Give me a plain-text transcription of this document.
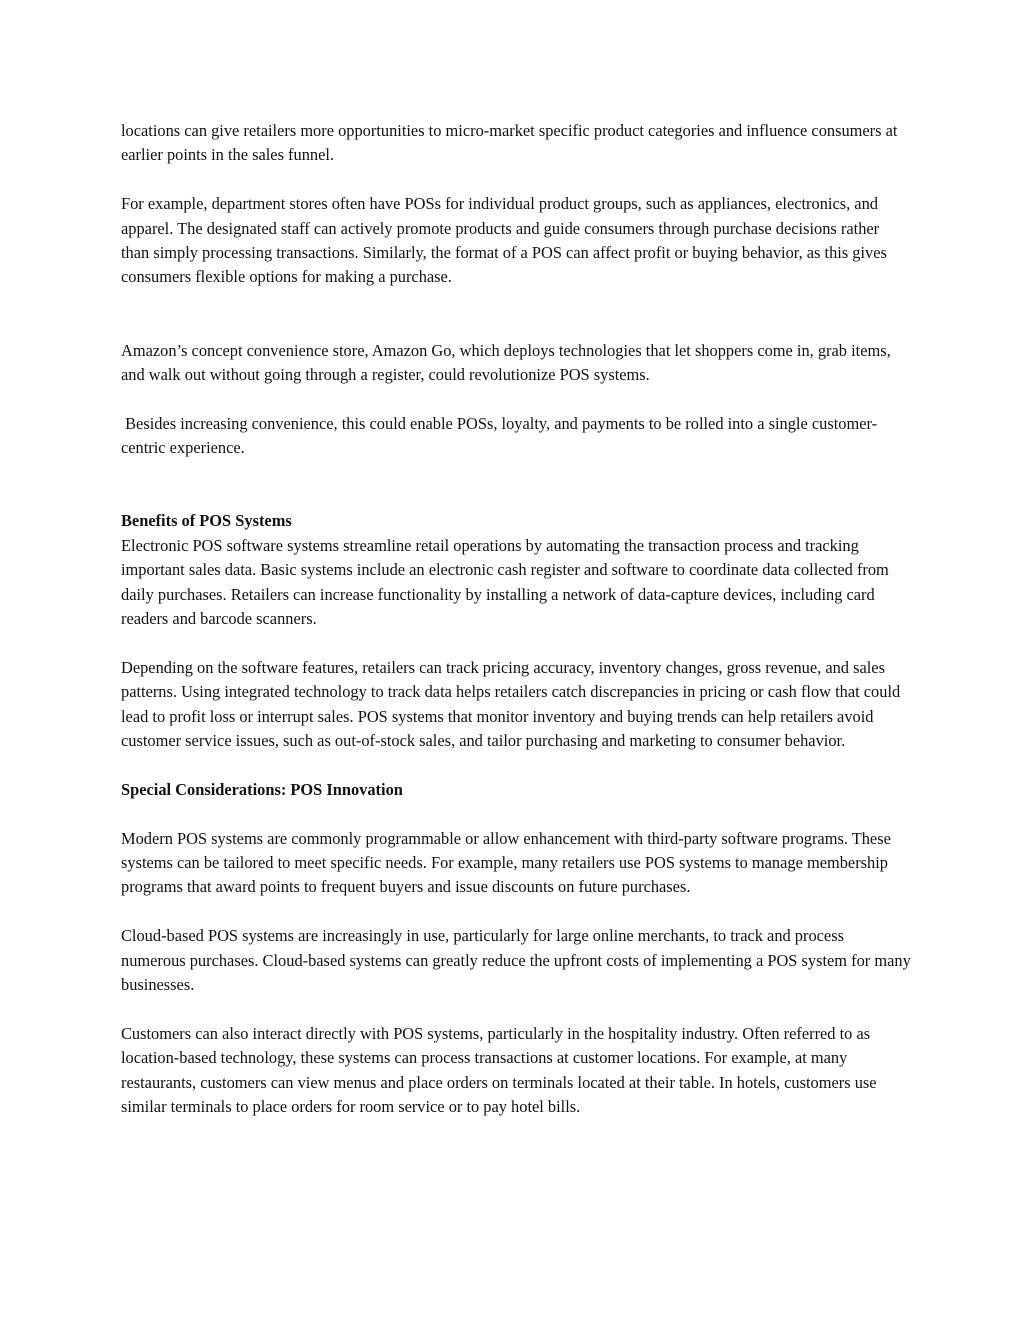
locations can give retailers more opportunities to micro-market specific product categories and influence consumers at earlier points in the sales funnel.

For example, department stores often have POSs for individual product groups, such as appliances, electronics, and apparel. The designated staff can actively promote products and guide consumers through purchase decisions rather than simply processing transactions. Similarly, the format of a POS can affect profit or buying behavior, as this gives consumers flexible options for making a purchase.

Amazon’s concept convenience store, Amazon Go, which deploys technologies that let shoppers come in, grab items, and walk out without going through a register, could revolutionize POS systems.

Besides increasing convenience, this could enable POSs, loyalty, and payments to be rolled into a single customer-centric experience.

Benefits of POS Systems

Electronic POS software systems streamline retail operations by automating the transaction process and tracking important sales data. Basic systems include an electronic cash register and software to coordinate data collected from daily purchases. Retailers can increase functionality by installing a network of data-capture devices, including card readers and barcode scanners.

Depending on the software features, retailers can track pricing accuracy, inventory changes, gross revenue, and sales patterns. Using integrated technology to track data helps retailers catch discrepancies in pricing or cash flow that could lead to profit loss or interrupt sales. POS systems that monitor inventory and buying trends can help retailers avoid customer service issues, such as out-of-stock sales, and tailor purchasing and marketing to consumer behavior.

Special Considerations: POS Innovation

Modern POS systems are commonly programmable or allow enhancement with third-party software programs. These systems can be tailored to meet specific needs. For example, many retailers use POS systems to manage membership programs that award points to frequent buyers and issue discounts on future purchases.

Cloud-based POS systems are increasingly in use, particularly for large online merchants, to track and process numerous purchases. Cloud-based systems can greatly reduce the upfront costs of implementing a POS system for many businesses.

Customers can also interact directly with POS systems, particularly in the hospitality industry. Often referred to as location-based technology, these systems can process transactions at customer locations. For example, at many restaurants, customers can view menus and place orders on terminals located at their table. In hotels, customers use similar terminals to place orders for room service or to pay hotel bills.
